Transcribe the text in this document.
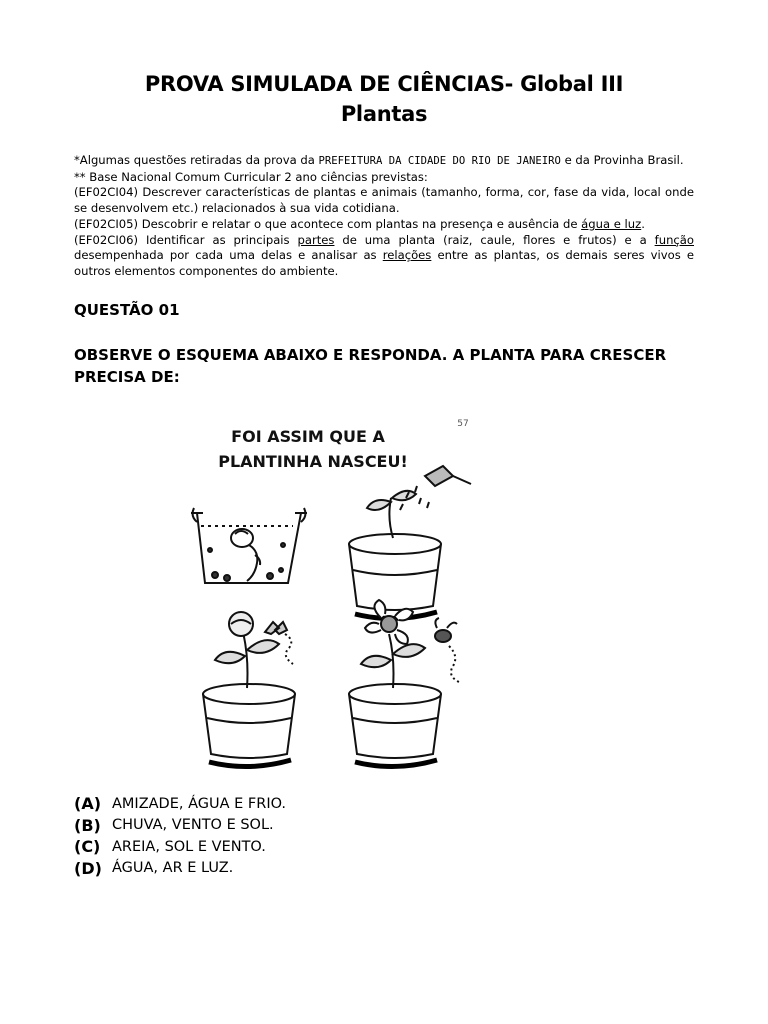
PROVA SIMULADA DE CIÊNCIAS- Global III
Plantas

*Algumas questões retiradas da prova da PREFEITURA DA CIDADE DO RIO DE JANEIRO e da Provinha Brasil.

** Base Nacional Comum Curricular 2 ano ciências previstas:

(EF02CI04) Descrever características de plantas e animais (tamanho, forma, cor, fase da vida, local onde se desenvolvem etc.) relacionados à sua vida cotidiana.

(EF02CI05) Descobrir e relatar o que acontece com plantas na presença e ausência de água e luz.

(EF02CI06) Identificar as principais partes de uma planta (raiz, caule, flores e frutos) e a função desempenhada por cada uma delas e analisar as relações entre as plantas, os demais seres vivos e outros elementos componentes do ambiente.

QUESTÃO 01
OBSERVE O ESQUEMA ABAIXO E RESPONDA. A PLANTA PARA CRESCER PRECISA DE:
FOI ASSIM QUE A
PLANTINHA NASCEU!
57
(A) AMIZADE, ÁGUA E FRIO.
(B) CHUVA, VENTO E SOL.
(C) AREIA, SOL E VENTO.
(D) ÁGUA, AR E LUZ.
